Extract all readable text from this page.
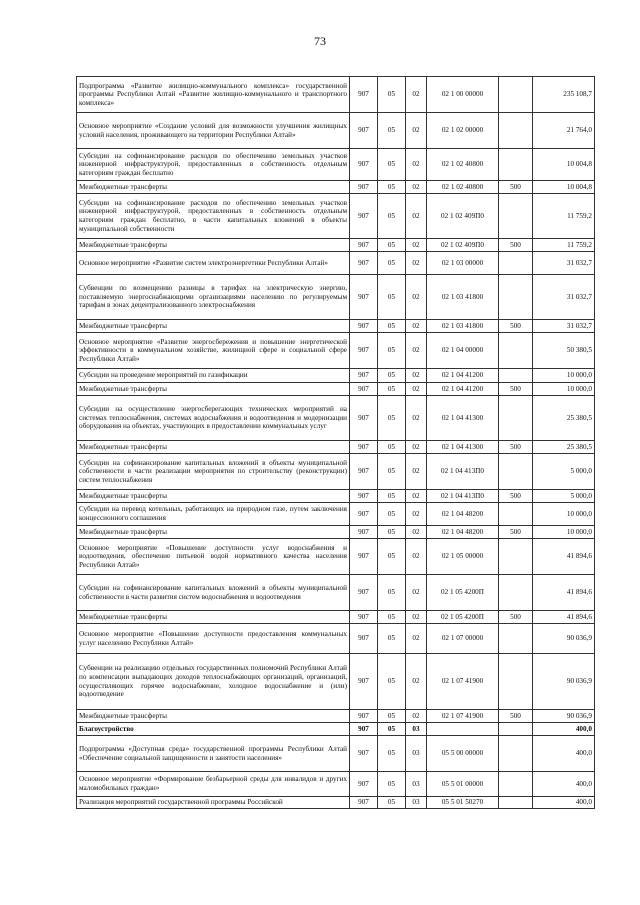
73
Подпрограмма «Развитие жилищно-коммунального комплекса» государственной программы Республики Алтай «Развитие жилищно-коммунального и транспортного комплекса»	907	05	02	02 1 00 00000		235 108,7
Основное мероприятие «Создание условий для возможности улучшения жилищных условий населения, проживающего на территории Республики Алтай»	907	05	02	02 1 02 00000		21 764,0
Субсидии на софинансирование расходов по обеспечению земельных участков инженерной инфраструктурой, предоставленных в собственность отдельным категориям граждан бесплатно	907	05	02	02 1 02 40800		10 004,8
Межбюджетные трансферты	907	05	02	02 1 02 40800	500	10 004,8
Субсидии на софинансирование расходов по обеспечению земельных участков инженерной инфраструктурой, предоставленных в собственность отдельным категориям граждан бесплатно, в части капитальных вложений в объекты муниципальной собственности	907	05	02	02 1 02 409П0		11 759,2
Межбюджетные трансферты	907	05	02	02 1 02 409П0	500	11 759,2
Основное мероприятие «Развитие систем электроэнергетики Республики Алтай»	907	05	02	02 1 03 00000		31 032,7
Субвенции по возмещению разницы в тарифах на электрическую энергию, поставляемую энергоснабжающими организациями населению по регулируемым тарифам в зонах децентрализованного электроснабжения	907	05	02	02 1 03 41800		31 032,7
Межбюджетные трансферты	907	05	02	02 1 03 41800	500	31 032,7
Основное мероприятие «Развитие энергосбережения и повышение энергетической эффективности в коммунальном хозяйстве, жилищной сфере и социальной сфере Республики Алтай»	907	05	02	02 1 04 00000		50 380,5
Субсидии на проведение мероприятий по газификации	907	05	02	02 1 04 41200		10 000,0
Межбюджетные трансферты	907	05	02	02 1 04 41200	500	10 000,0
Субсидии на осуществление энергосберегающих технических мероприятий на системах теплоснабжения, системах водоснабжения и водоотведения и модернизации оборудования на объектах, участвующих в предоставлении коммунальных услуг	907	05	02	02 1 04 41300		25 380,5
Межбюджетные трансферты	907	05	02	02 1 04 41300	500	25 380,5
Субсидии на софинансирование капитальных вложений в объекты муниципальной собственности в части реализации мероприятия по строительству (реконструкции) систем теплоснабжения	907	05	02	02 1 04 413П0		5 000,0
Межбюджетные трансферты	907	05	02	02 1 04 413П0	500	5 000,0
Субсидии на перевод котельных, работающих на природном газе, путем заключения концессионного соглашения	907	05	02	02 1 04 48200		10 000,0
Межбюджетные трансферты	907	05	02	02 1 04 48200	500	10 000,0
Основное мероприятие «Повышение доступности услуг водоснабжения и водоотведения, обеспечение питьевой водой нормативного качества населения Республики Алтай»	907	05	02	02 1 05 00000		41 894,6
Субсидии на софинансирование капитальных вложений в объекты муниципальной собственности в части развития систем водоснабжения и водоотведения	907	05	02	02 1 05 4200П		41 894,6
Межбюджетные трансферты	907	05	02	02 1 05 4200П	500	41 894,6
Основное мероприятие «Повышение доступности предоставления коммунальных услуг населению Республики Алтай»	907	05	02	02 1 07 00000		90 036,9
Субвенции на реализацию отдельных государственных полномочий Республики Алтай по компенсации выпадающих доходов теплоснабжающих организаций, организаций, осуществляющих горячее водоснабжение, холодное водоснабжение и (или) водоотведение	907	05	02	02 1 07 41900		90 036,9
Межбюджетные трансферты	907	05	02	02 1 07 41900	500	90 036,9
Благоустройство	907	05	03			400,0
Подпрограмма «Доступная среда» государственной программы Республики Алтай «Обеспечение социальной защищенности и занятости населения»	907	05	03	05 5 00 00000		400,0
Основное мероприятие «Формирование безбарьерной среды для инвалидов и других маломобильных граждан»	907	05	03	05 5 01 00000		400,0
Реализация мероприятий государственной программы Российской	907	05	03	05 5 01 50270		400,0
